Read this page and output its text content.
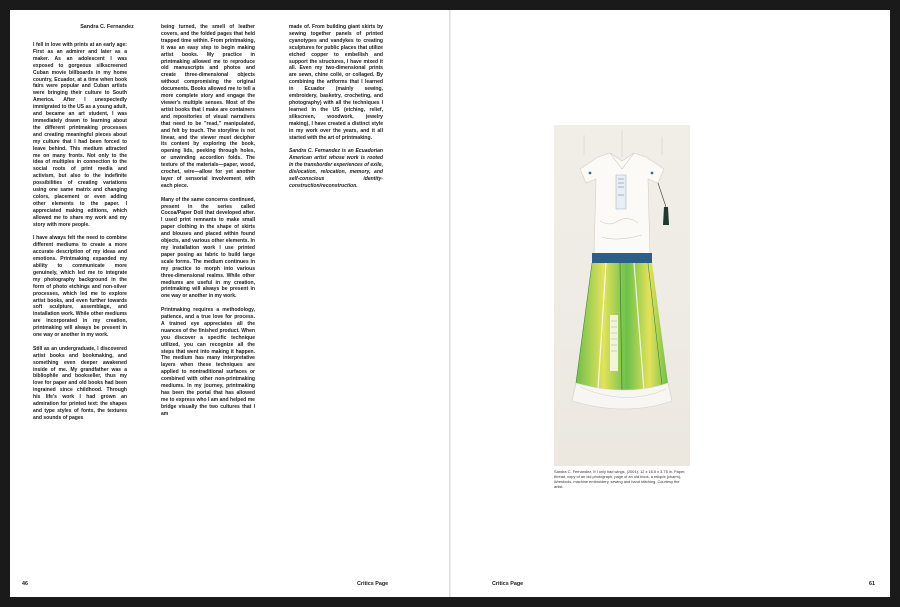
Sandra C. Fernandez

I fell in love with prints at an early age: First as an admirer and later as a maker. As an adolescent I was exposed to gorgeous silkscreened Cuban movie billboards in my home country, Ecuador, at a time when book fairs were popular and Cuban artists were bringing their culture to South America. After I unexpectedly immigrated to the US as a young adult, and became an art student, I was immediately drawn to learning about the different printmaking processes and creating meaningful pieces about my culture that I had been forced to leave behind. This medium attracted me on many fronts. Not only to the idea of multiples in connection to the social roots of print media and activism, but also to the indefinite possibilities of creating variations using one same matrix and changing colors, placement or even adding other elements to the paper. I appreciated making editions, which allowed me to share my work and my story with more people.

I have always felt the need to combine different mediums to create a more accurate description of my ideas and emotions. Printmaking expanded my ability to communicate more genuinely, which led me to integrate my photography background in the form of photo etchings and non-silver processes, which led me to explore artist books, and even further towards soft sculpture, assemblage, and installation work. While other mediums are incorporated in my creation, printmaking will always be present in one way or another in my work.

Still as an undergraduate, I discovered artist books and bookmaking, and something even deeper awakened inside of me. My grandfather was a bibliophile and bookseller, thus my love for paper and old books had been ingrained since childhood. Through his life's work I had grown an admiration for printed text: the shapes and type styles of fonts, the textures and sounds of pages

being turned, the smell of leather covers, and the folded pages that held trapped time within. From printmaking, it was an easy step to begin making artist books. My practice in printmaking allowed me to reproduce old manuscripts and photos and create three-dimensional objects without compromising the original documents. Books allowed me to tell a more complete story and engage the viewer's multiple senses. Most of the artist books that I make are containers and repositories of visual narratives that need to be "read," manipulated, and felt by touch. The storyline is not linear, and the viewer must decipher its content by exploring the book, opening lids, peeking through holes, or unwinding accordion folds. The texture of the materials—paper, wood, crochet, wire—allow for yet another layer of sensorial involvement with each piece.

Many of the same concerns continued, present in the series called Cocoa/Paper Doll that developed after. I used print remnants to make small paper clothing in the shape of skirts and blouses and placed within found objects, and various other elements. In my installation work I use printed paper posing as fabric to build large scale forms. The medium continues in my practice to morph into various three-dimensional realms. While other mediums are useful in my creation, printmaking will always be present in one way or another in my work.

Printmaking requires a methodology, patience, and a true love for process. A trained eye appreciates all the nuances of the finished product. When you discover a specific technique utilized, you can recognize all the steps that went into making it happen. The medium has many interpretative layers when these techniques are applied to nontraditional surfaces or combined with other non-printmaking mediums. In my journey, printmaking has been the portal that has allowed me to express who I am and helped me bridge visually the two cultures that I am

made of. From building giant skirts by sewing together panels of printed cyanotypes and vandykes to creating sculptures for public places that utilize etched copper to embellish and support the structures, I have mixed it all. Even my two-dimensional prints are sewn, chine collé, or collaged. By combining the artforms that I learned in Ecuador (mainly sewing, embroidery, basketry, crocheting, and photography) with all the techniques I learned in the US (etching, relief, silkscreen, woodwork, jewelry making), I have created a distinct style in my work over the years, and it all started with the art of printmaking.

Sandra C. Fernandez is an Ecuadorian American artist whose work is rooted in the transborder experiences of exile, dislocation, relocation, memory, and self-conscious identity-construction/reconstruction.

Sandra C. Fernandez, If I only had wings, (2001), 12 x 16.5 x 3.75 in. Paper, thread, copy of an old photograph, page of an old book, a relique (charm), Wrestools, machine embroidery, sewing and hand stitching. Courtesy the artist.
46	Critics Page	Critics Page	61
